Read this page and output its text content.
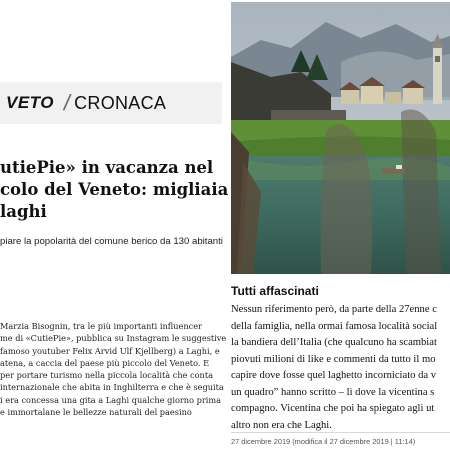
VETO / CRONACA
utiePie» in vacanza nel
colo del Veneto: migliaia
laghi
piare la popolarità del comune berico da 130 abitanti
Marzia Bisognin, tra le più importanti influencer
me di «CutiePie», pubblica su Instagram le suggestive
famoso youtuber Felix Arvid Ulf Kjellberg) a Laghi, e
atena, a caccia del paese più piccolo del Veneto. E
per portare turismo nella piccola località che conta
internazionale che abita in Inghilterra e che è seguita
i era concessa una gita a Laghi qualche giorno prima
e immortalane le bellezze naturali del paesino
Tutti affascinati
Nessun riferimento però, da parte della 27enne c
della famiglia, nella ormai famosa località social
la bandiera dell’Italia (che qualcuno ha scambiat
piovuti milioni di like e commenti da tutto il mo
capire dove fosse quel laghetto incorniciato da v
un quadro” hanno scritto – lì dove la vicentina s
compagno. Vicentina che poi ha spiegato agli ut
altro non era che Laghi.
27 dicembre 2019 (modifica il 27 dicembre 2019 | 11:14)
